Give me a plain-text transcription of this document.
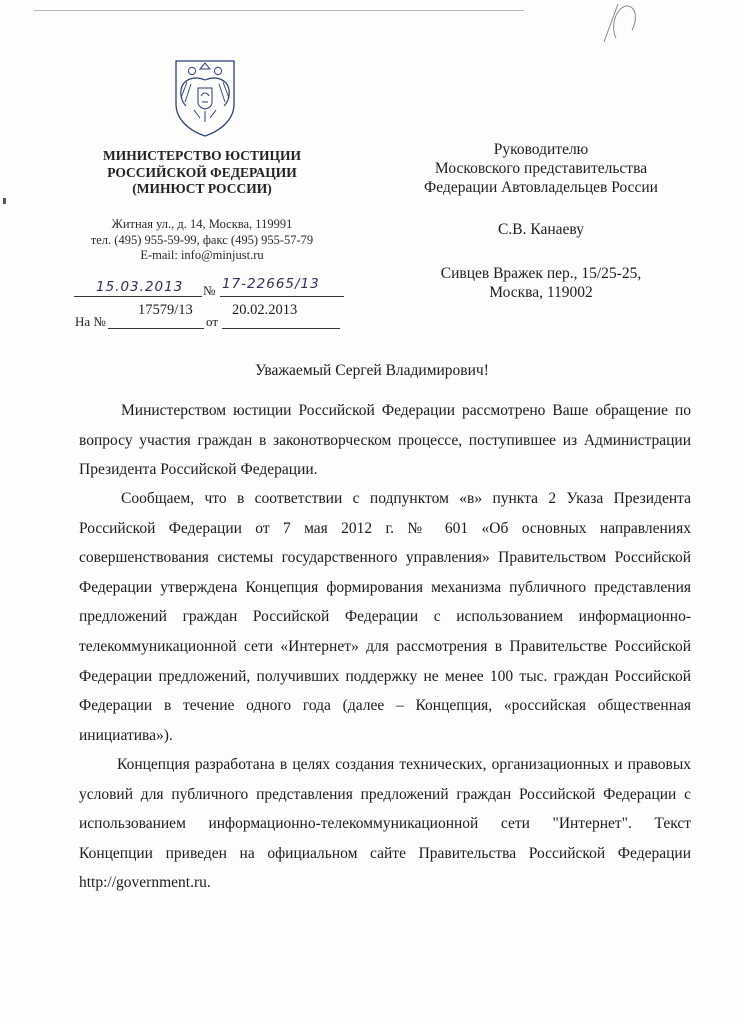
МИНИСТЕРСТВО ЮСТИЦИИ
РОССИЙСКОЙ ФЕДЕРАЦИИ
(МИНЮСТ РОССИИ)
Житная ул., д. 14, Москва, 119991
тел. (495) 955-59-99, факс (495) 955-57-79
E-mail: info@minjust.ru
15.03.2013 № 17-22665/13
На №
17579/13
от
20.02.2013
Руководителю
Московского представительства
Федерации Автовладельцев России
С.В. Канаеву
Сивцев Вражек пер., 15/25-25,
Москва, 119002
Уважаемый Сергей Владимирович!
Министерством юстиции Российской Федерации рассмотрено Ваше обращение по вопросу участия граждан в законотворческом процессе, поступившее из Администрации Президента Российской Федерации.
Сообщаем, что в соответствии с подпунктом «в» пункта 2 Указа Президента Российской Федерации от 7 мая 2012 г. № 601 «Об основных направлениях совершенствования системы государственного управления» Правительством Российской Федерации утверждена Концепция формирования механизма публичного представления предложений граждан Российской Федерации с использованием информационно-телекоммуникационной сети «Интернет» для рассмотрения в Правительстве Российской Федерации предложений, получивших поддержку не менее 100 тыс. граждан Российской Федерации в течение одного года (далее – Концепция, «российская общественная инициатива»).
Концепция разработана в целях создания технических, организационных и правовых условий для публичного представления предложений граждан Российской Федерации с использованием информационно-телекоммуникационной сети "Интернет". Текст Концепции приведен на официальном сайте Правительства Российской Федерации http://government.ru.
